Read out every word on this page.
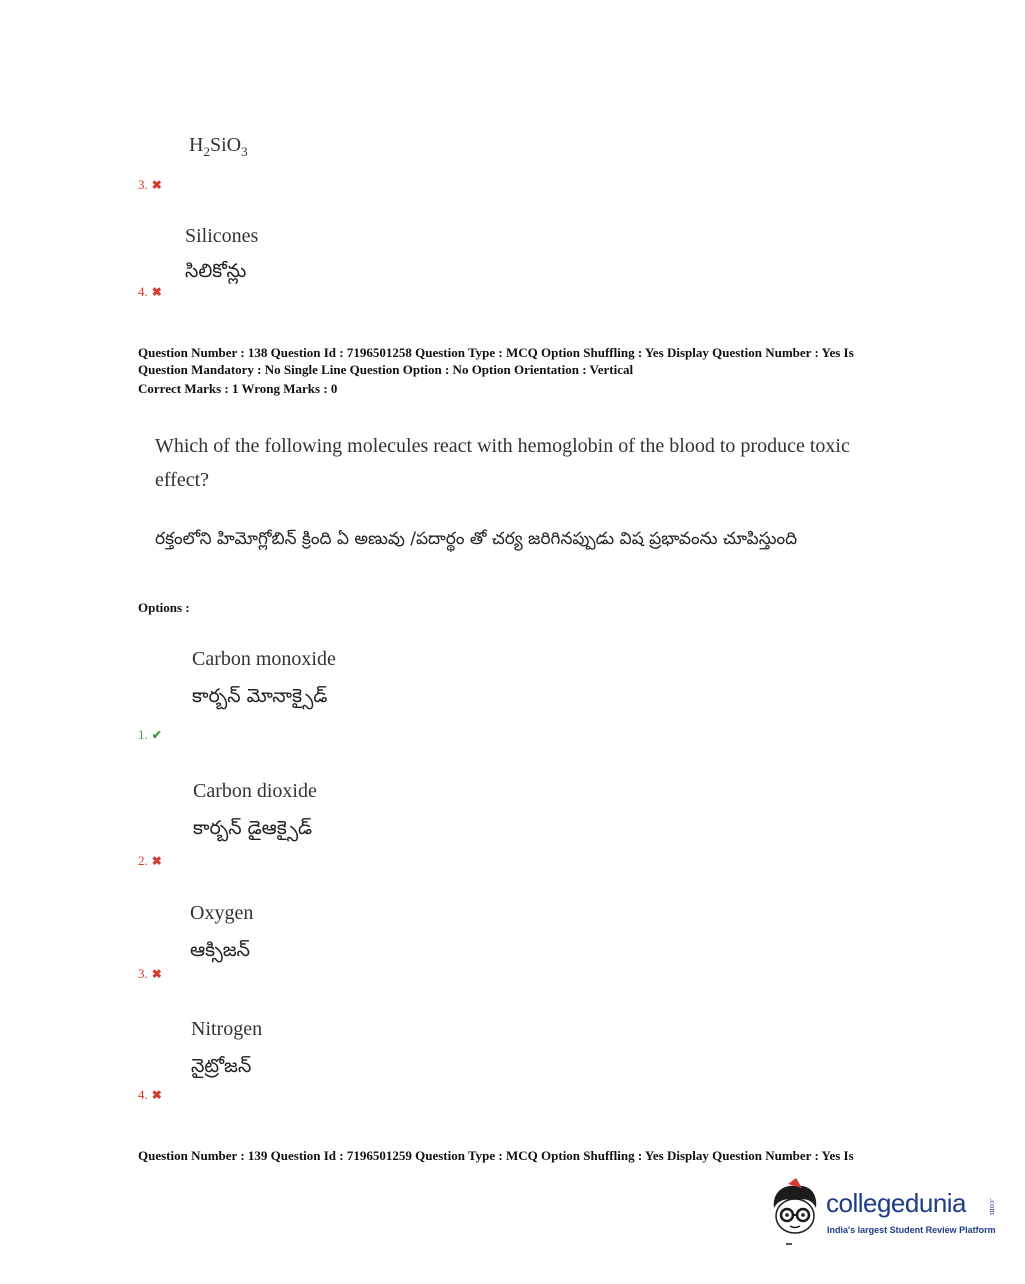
$H_2SiO_3$
3. ✖
Silicones
సిలికోన్లు
4. ✖
Question Number : 138 Question Id : 7196501258 Question Type : MCQ Option Shuffling : Yes Display Question Number : Yes Is
Question Mandatory : No Single Line Question Option : No Option Orientation : Vertical
Correct Marks : 1 Wrong Marks : 0
Which of the following molecules react with hemoglobin of the blood to produce toxic
effect?
రక్తంలోని హిమోగ్లోబిన్ క్రింది ఏ అణువు /పదార్థం తో చర్య జరిగినప్పుడు విష ప్రభావంను చూపిస్తుంది
Options :
Carbon monoxide
కార్బన్ మోనాక్సైడ్
1. ✔
Carbon dioxide
కార్బన్ డైఆక్సైడ్
2. ✖
Oxygen
ఆక్సిజన్
3. ✖
Nitrogen
నైట్రోజన్
4. ✖
Question Number : 139 Question Id : 7196501259 Question Type : MCQ Option Shuffling : Yes Display Question Number : Yes Is
collegedunia	.com
India's largest Student Review Platform
